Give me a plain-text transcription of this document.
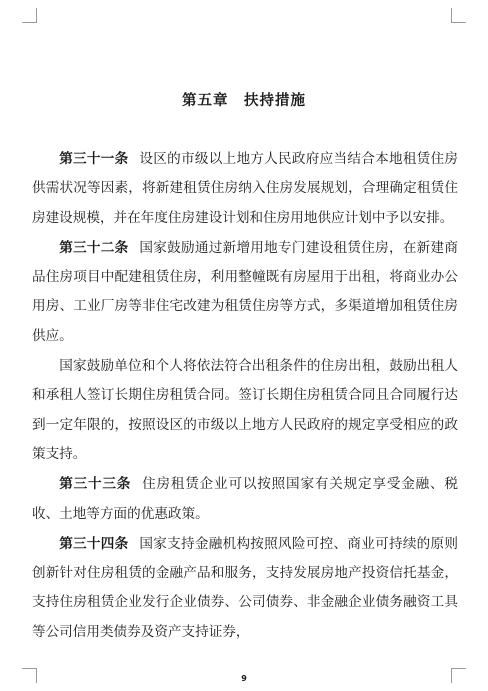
第五章　扶持措施

第三十一条 设区的市级以上地方人民政府应当结合本地租赁住房供需状况等因素，将新建租赁住房纳入住房发展规划，合理确定租赁住房建设规模，并在年度住房建设计划和住房用地供应计划中予以安排。

第三十二条 国家鼓励通过新增用地专门建设租赁住房，在新建商品住房项目中配建租赁住房，利用整幢既有房屋用于出租，将商业办公用房、工业厂房等非住宅改建为租赁住房等方式，多渠道增加租赁住房供应。

国家鼓励单位和个人将依法符合出租条件的住房出租，鼓励出租人和承租人签订长期住房租赁合同。签订长期住房租赁合同且合同履行达到一定年限的，按照设区的市级以上地方人民政府的规定享受相应的政策支持。

第三十三条 住房租赁企业可以按照国家有关规定享受金融、税收、土地等方面的优惠政策。

第三十四条 国家支持金融机构按照风险可控、商业可持续的原则创新针对住房租赁的金融产品和服务，支持发展房地产投资信托基金，支持住房租赁企业发行企业债券、公司债券、非金融企业债务融资工具等公司信用类债券及资产支持证券，

9
